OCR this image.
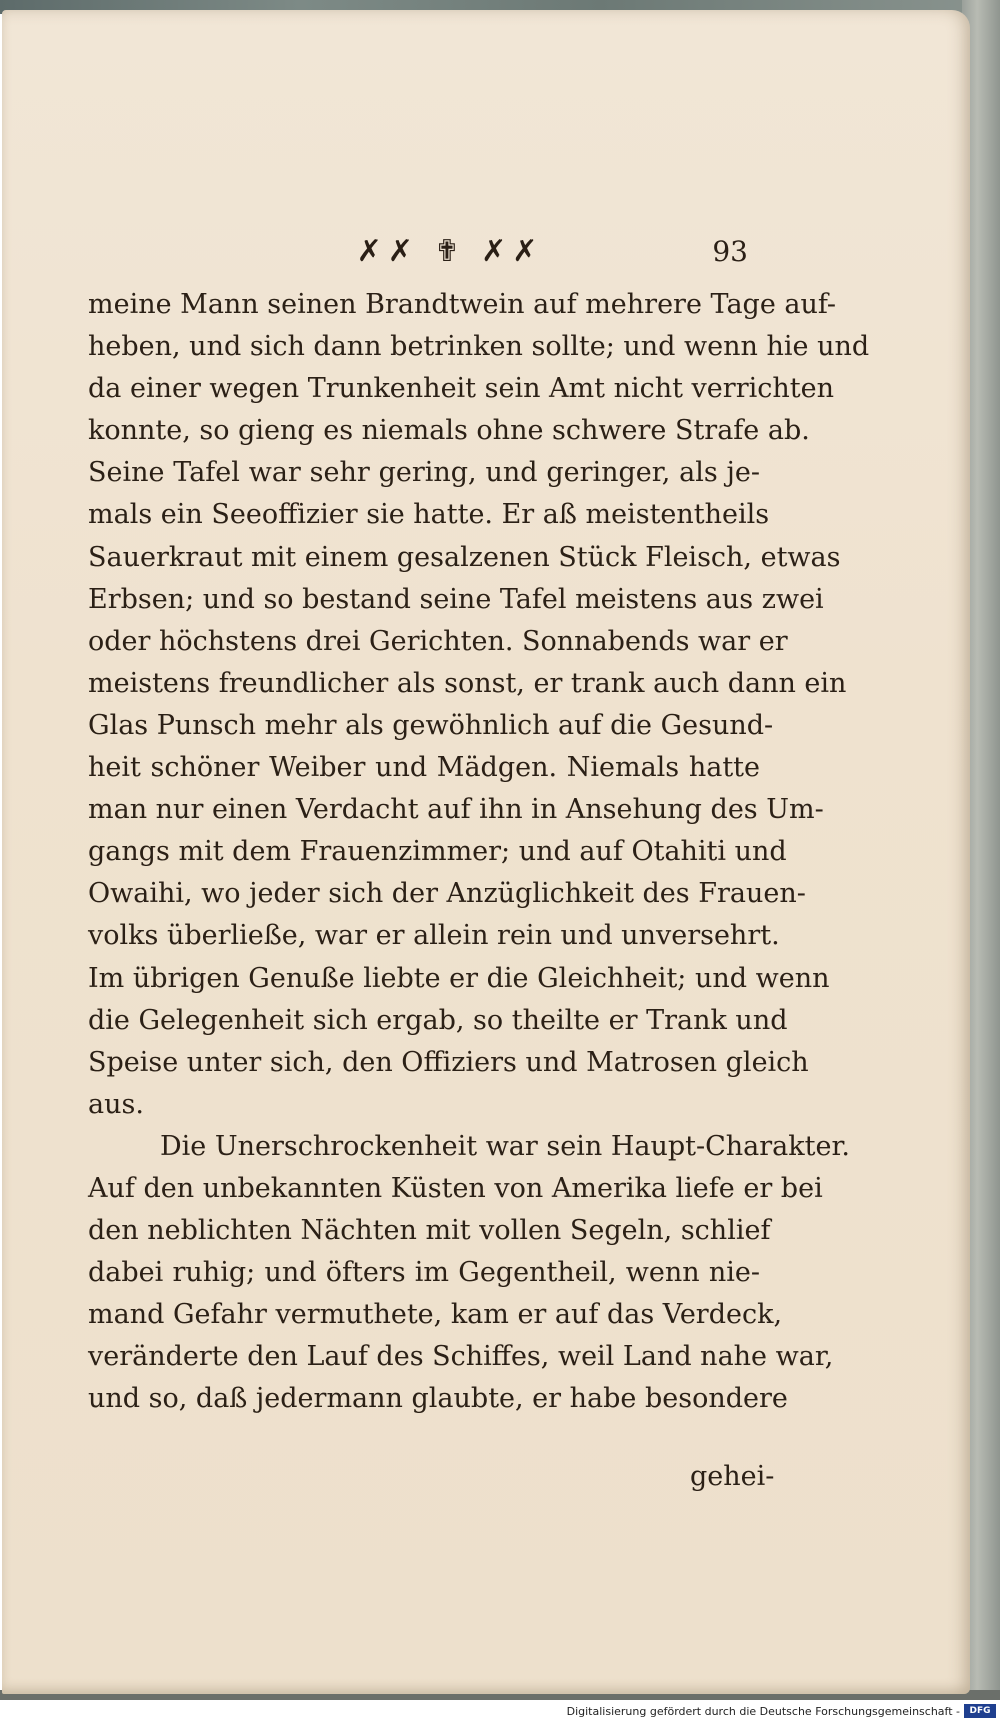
✗✗ ✟ ✗✗	93
meine Mann seinen Brandtwein auf mehrere Tage auf-
heben, und sich dann betrinken sollte; und wenn hie und
da einer wegen Trunkenheit sein Amt nicht verrichten
konnte, so gieng es niemals ohne schwere Strafe ab.
Seine Tafel war sehr gering, und geringer, als je-
mals ein Seeoffizier sie hatte. Er aß meistentheils
Sauerkraut mit einem gesalzenen Stück Fleisch, etwas
Erbsen; und so bestand seine Tafel meistens aus zwei
oder höchstens drei Gerichten. Sonnabends war er
meistens freundlicher als sonst, er trank auch dann ein
Glas Punsch mehr als gewöhnlich auf die Gesund-
heit schöner Weiber und Mädgen. Niemals hatte
man nur einen Verdacht auf ihn in Ansehung des Um-
gangs mit dem Frauenzimmer; und auf Otahiti und
Owaihi, wo jeder sich der Anzüglichkeit des Frauen-
volks überließe, war er allein rein und unversehrt.
Im übrigen Genuße liebte er die Gleichheit; und wenn
die Gelegenheit sich ergab, so theilte er Trank und
Speise unter sich, den Offiziers und Matrosen gleich
aus.
Die Unerschrockenheit war sein Haupt-Charakter.
Auf den unbekannten Küsten von Amerika liefe er bei
den neblichten Nächten mit vollen Segeln, schlief
dabei ruhig; und öfters im Gegentheil, wenn nie-
mand Gefahr vermuthete, kam er auf das Verdeck,
veränderte den Lauf des Schiffes, weil Land nahe war,
und so, daß jedermann glaubte, er habe besondere
gehei-
Digitalisierung gefördert durch die Deutsche Forschungsgemeinschaft -	DFG
